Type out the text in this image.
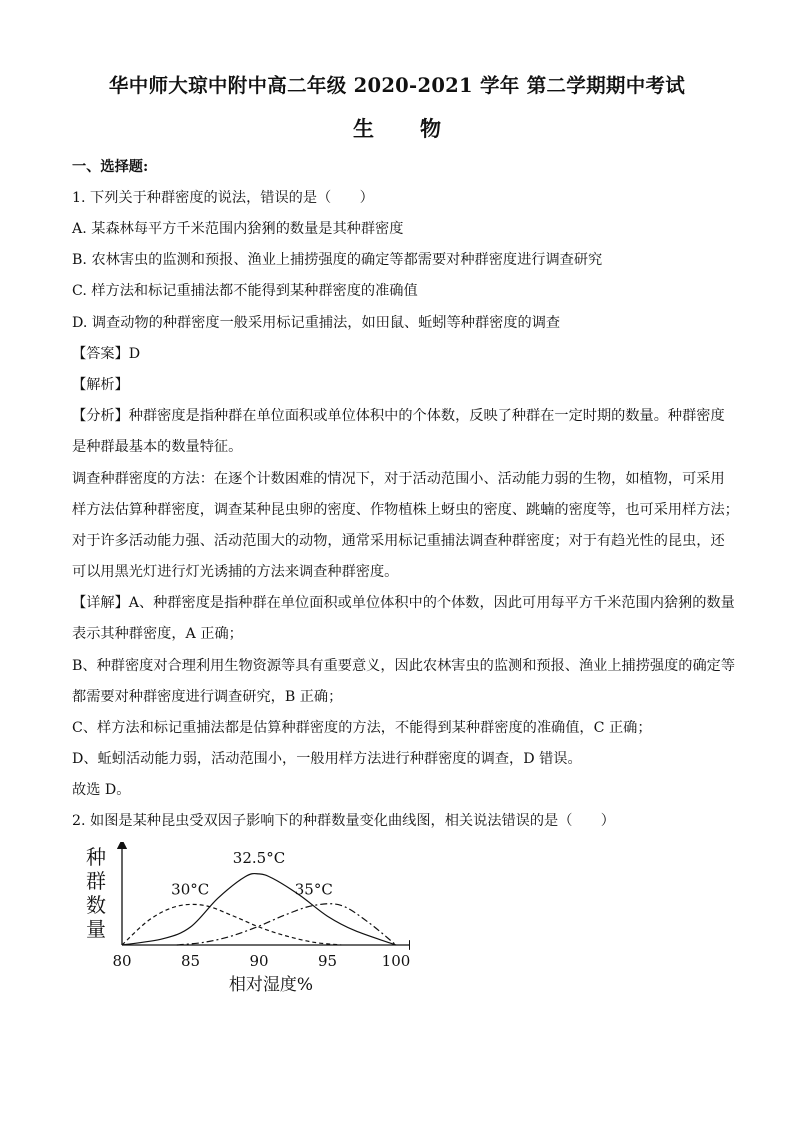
华中师大琼中附中高二年级 2020-2021 学年 第二学期期中考试
生物
一、选择题:
1. 下列关于种群密度的说法，错误的是（　　）
A. 某森林每平方千米范围内猞猁的数量是其种群密度
B. 农林害虫的监测和预报、渔业上捕捞强度的确定等都需要对种群密度进行调查研究
C. 样方法和标记重捕法都不能得到某种群密度的准确值
D. 调查动物的种群密度一般采用标记重捕法，如田鼠、蚯蚓等种群密度的调查
【答案】D
【解析】
【分析】种群密度是指种群在单位面积或单位体积中的个体数，反映了种群在一定时期的数量。种群密度
是种群最基本的数量特征。
调查种群密度的方法：在逐个计数困难的情况下，对于活动范围小、活动能力弱的生物，如植物，可采用
样方法估算种群密度，调查某种昆虫卵的密度、作物植株上蚜虫的密度、跳蝻的密度等，也可采用样方法；
对于许多活动能力强、活动范围大的动物，通常采用标记重捕法调查种群密度；对于有趋光性的昆虫，还
可以用黑光灯进行灯光诱捕的方法来调查种群密度。
【详解】A、种群密度是指种群在单位面积或单位体积中的个体数，因此可用每平方千米范围内猞猁的数量
表示其种群密度，A 正确；
B、种群密度对合理利用生物资源等具有重要意义，因此农林害虫的监测和预报、渔业上捕捞强度的确定等
都需要对种群密度进行调查研究，B 正确；
C、样方法和标记重捕法都是估算种群密度的方法，不能得到某种群密度的准确值，C 正确；
D、蚯蚓活动能力弱，活动范围小，一般用样方法进行种群密度的调查，D 错误。
故选 D。
2. 如图是某种昆虫受双因子影响下的种群数量变化曲线图，相关说法错误的是（　　）
80	85	90	95	100
种
群
数
量
相对湿度%
30°C
32.5°C
35°C
